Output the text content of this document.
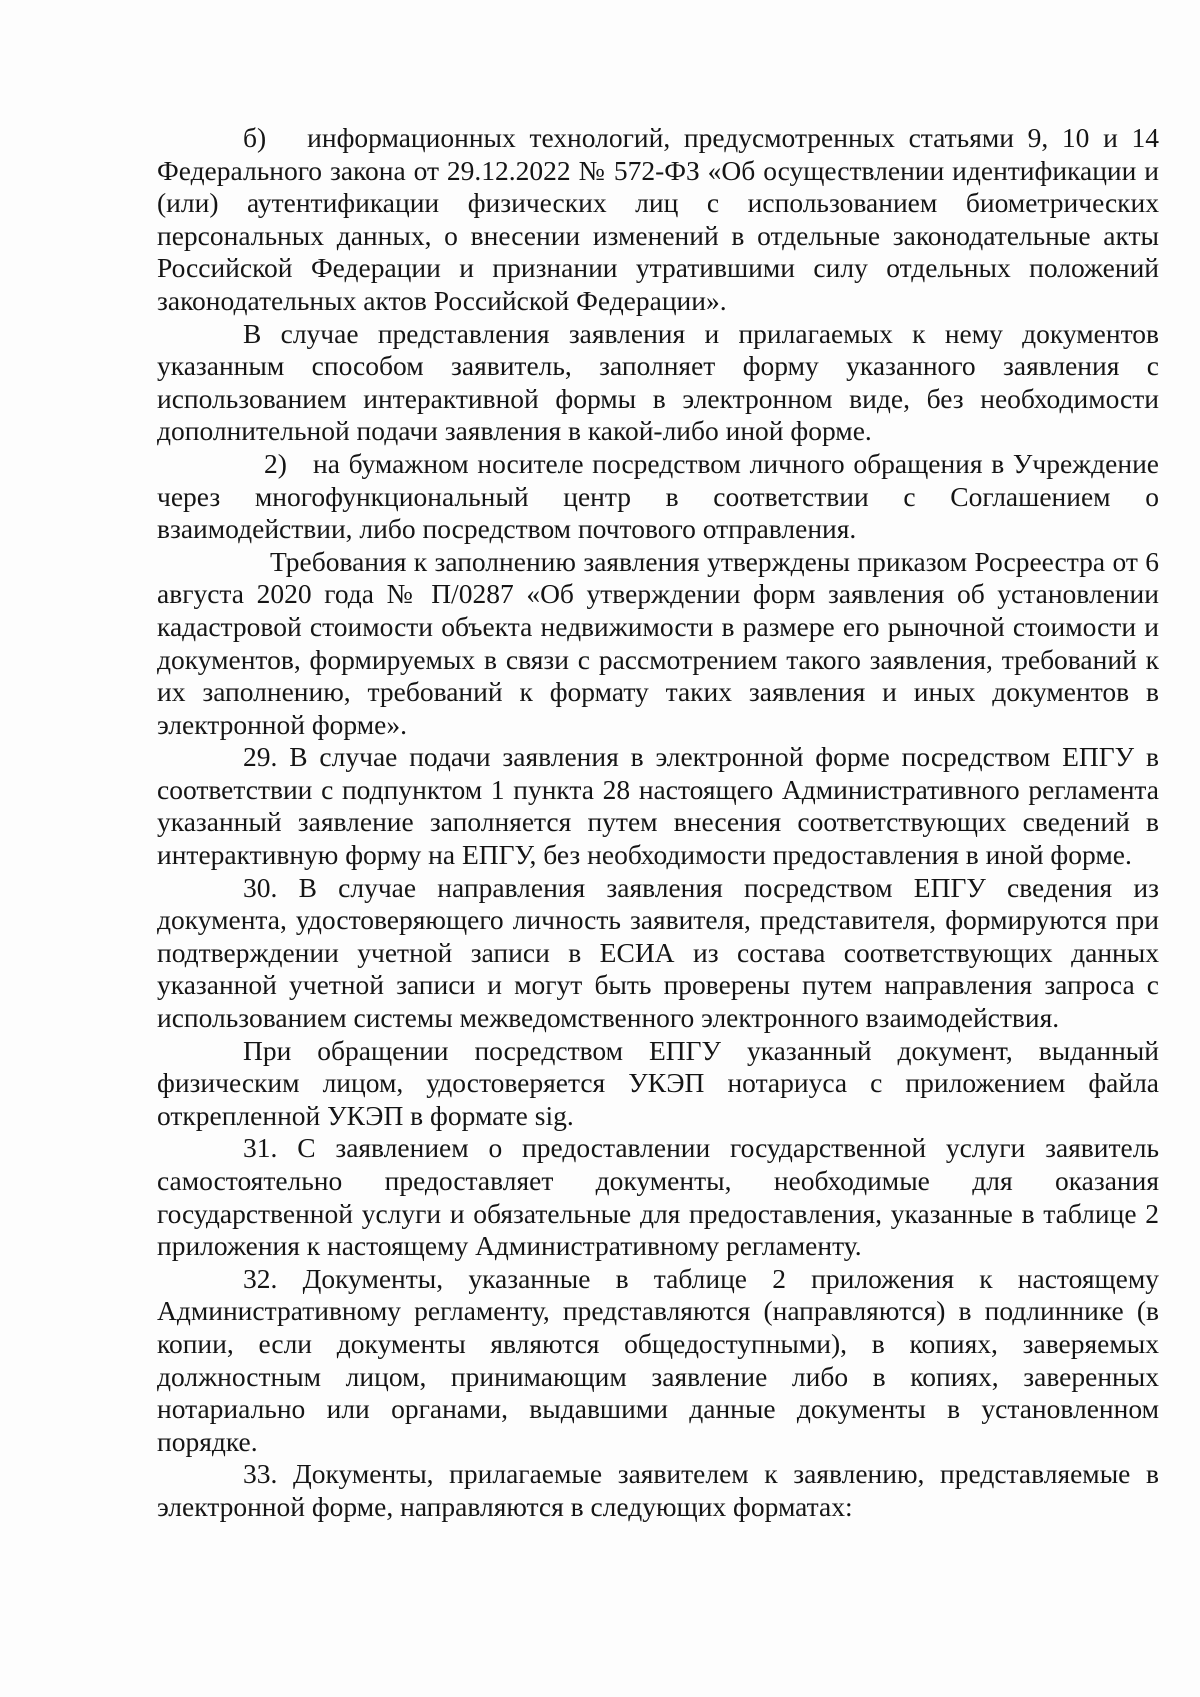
б)   информационных технологий, предусмотренных статьями 9, 10 и 14 Федерального закона от 29.12.2022 № 572-ФЗ «Об осуществлении идентификации и (или) аутентификации физических лиц с использованием биометрических персональных данных, о внесении изменений в отдельные законодательные акты Российской Федерации и признании утратившими силу отдельных положений законодательных актов Российской Федерации».

В случае представления заявления и прилагаемых к нему документов указанным способом заявитель, заполняет форму указанного заявления с использованием интерактивной формы в электронном виде, без необходимости дополнительной подачи заявления в какой-либо иной форме.

2)   на бумажном носителе посредством личного обращения в Учреждение через многофункциональный центр в соответствии с Соглашением о взаимодействии, либо посредством почтового отправления.

Требования к заполнению заявления утверждены приказом Росреестра от 6 августа 2020 года № П/0287 «Об утверждении форм заявления об установлении кадастровой стоимости объекта недвижимости в размере его рыночной стоимости и документов, формируемых в связи с рассмотрением такого заявления, требований к их заполнению, требований к формату таких заявления и иных документов в электронной форме».

29. В случае подачи заявления в электронной форме посредством ЕПГУ в соответствии с подпунктом 1 пункта 28 настоящего Административного регламента указанный заявление заполняется путем внесения соответствующих сведений в интерактивную форму на ЕПГУ, без необходимости предоставления в иной форме.

30. В случае направления заявления посредством ЕПГУ сведения из документа, удостоверяющего личность заявителя, представителя, формируются при подтверждении учетной записи в ЕСИА из состава соответствующих данных указанной учетной записи и могут быть проверены путем направления запроса с использованием системы межведомственного электронного взаимодействия.

При обращении посредством ЕПГУ указанный документ, выданный физическим лицом, удостоверяется УКЭП нотариуса с приложением файла открепленной УКЭП в формате sig.

31. С заявлением о предоставлении государственной услуги заявитель самостоятельно предоставляет документы, необходимые для оказания государственной услуги и обязательные для предоставления, указанные в таблице 2 приложения к настоящему Административному регламенту.

32. Документы, указанные в таблице 2 приложения к настоящему Административному регламенту, представляются (направляются) в подлиннике (в копии, если документы являются общедоступными), в копиях, заверяемых должностным лицом, принимающим заявление либо в копиях, заверенных нотариально или органами, выдавшими данные документы в установленном порядке.

33. Документы, прилагаемые заявителем к заявлению, представляемые в электронной форме, направляются в следующих форматах:
